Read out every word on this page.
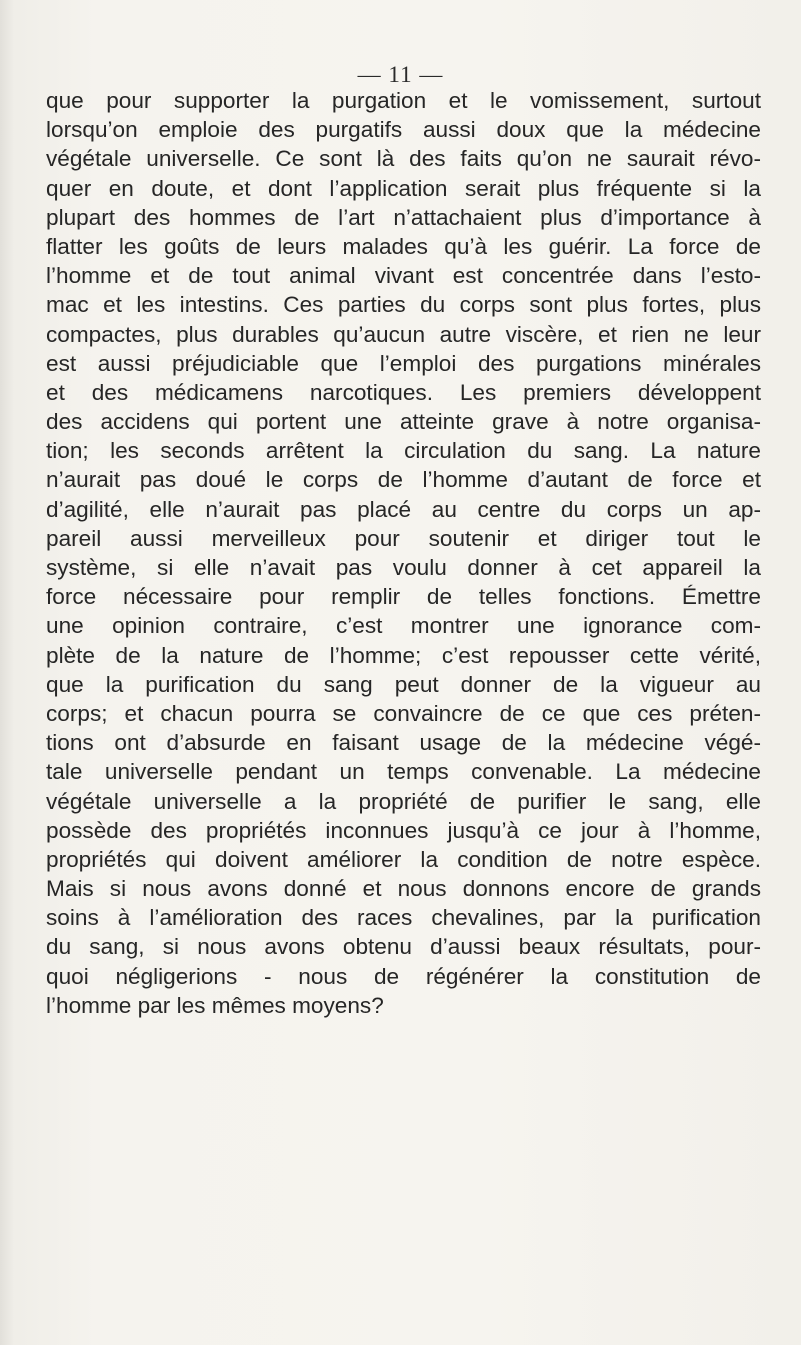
— 11 —
que pour supporter la purgation et le vomissement, surtout
lorsqu’on emploie des purgatifs aussi doux que la médecine
végétale universelle. Ce sont là des faits qu’on ne saurait révo-
quer en doute, et dont l’application serait plus fréquente si la
plupart des hommes de l’art n’attachaient plus d’importance à
flatter les goûts de leurs malades qu’à les guérir. La force de
l’homme et de tout animal vivant est concentrée dans l’esto-
mac et les intestins. Ces parties du corps sont plus fortes, plus
compactes, plus durables qu’aucun autre viscère, et rien ne leur
est aussi préjudiciable que l’emploi des purgations minérales
et des médicamens narcotiques. Les premiers développent
des accidens qui portent une atteinte grave à notre organisa-
tion; les seconds arrêtent la circulation du sang. La nature
n’aurait pas doué le corps de l’homme d’autant de force et
d’agilité, elle n’aurait pas placé au centre du corps un ap-
pareil aussi merveilleux pour soutenir et diriger tout le
système, si elle n’avait pas voulu donner à cet appareil la
force nécessaire pour remplir de telles fonctions. Émettre
une opinion contraire, c’est montrer une ignorance com-
plète de la nature de l’homme; c’est repousser cette vérité,
que la purification du sang peut donner de la vigueur au
corps; et chacun pourra se convaincre de ce que ces préten-
tions ont d’absurde en faisant usage de la médecine végé-
tale universelle pendant un temps convenable. La médecine
végétale universelle a la propriété de purifier le sang, elle
possède des propriétés inconnues jusqu’à ce jour à l’homme,
propriétés qui doivent améliorer la condition de notre espèce.
Mais si nous avons donné et nous donnons encore de grands
soins à l’amélioration des races chevalines, par la purification
du sang, si nous avons obtenu d’aussi beaux résultats, pour-
quoi négligerions - nous de régénérer la constitution de
l’homme par les mêmes moyens?
